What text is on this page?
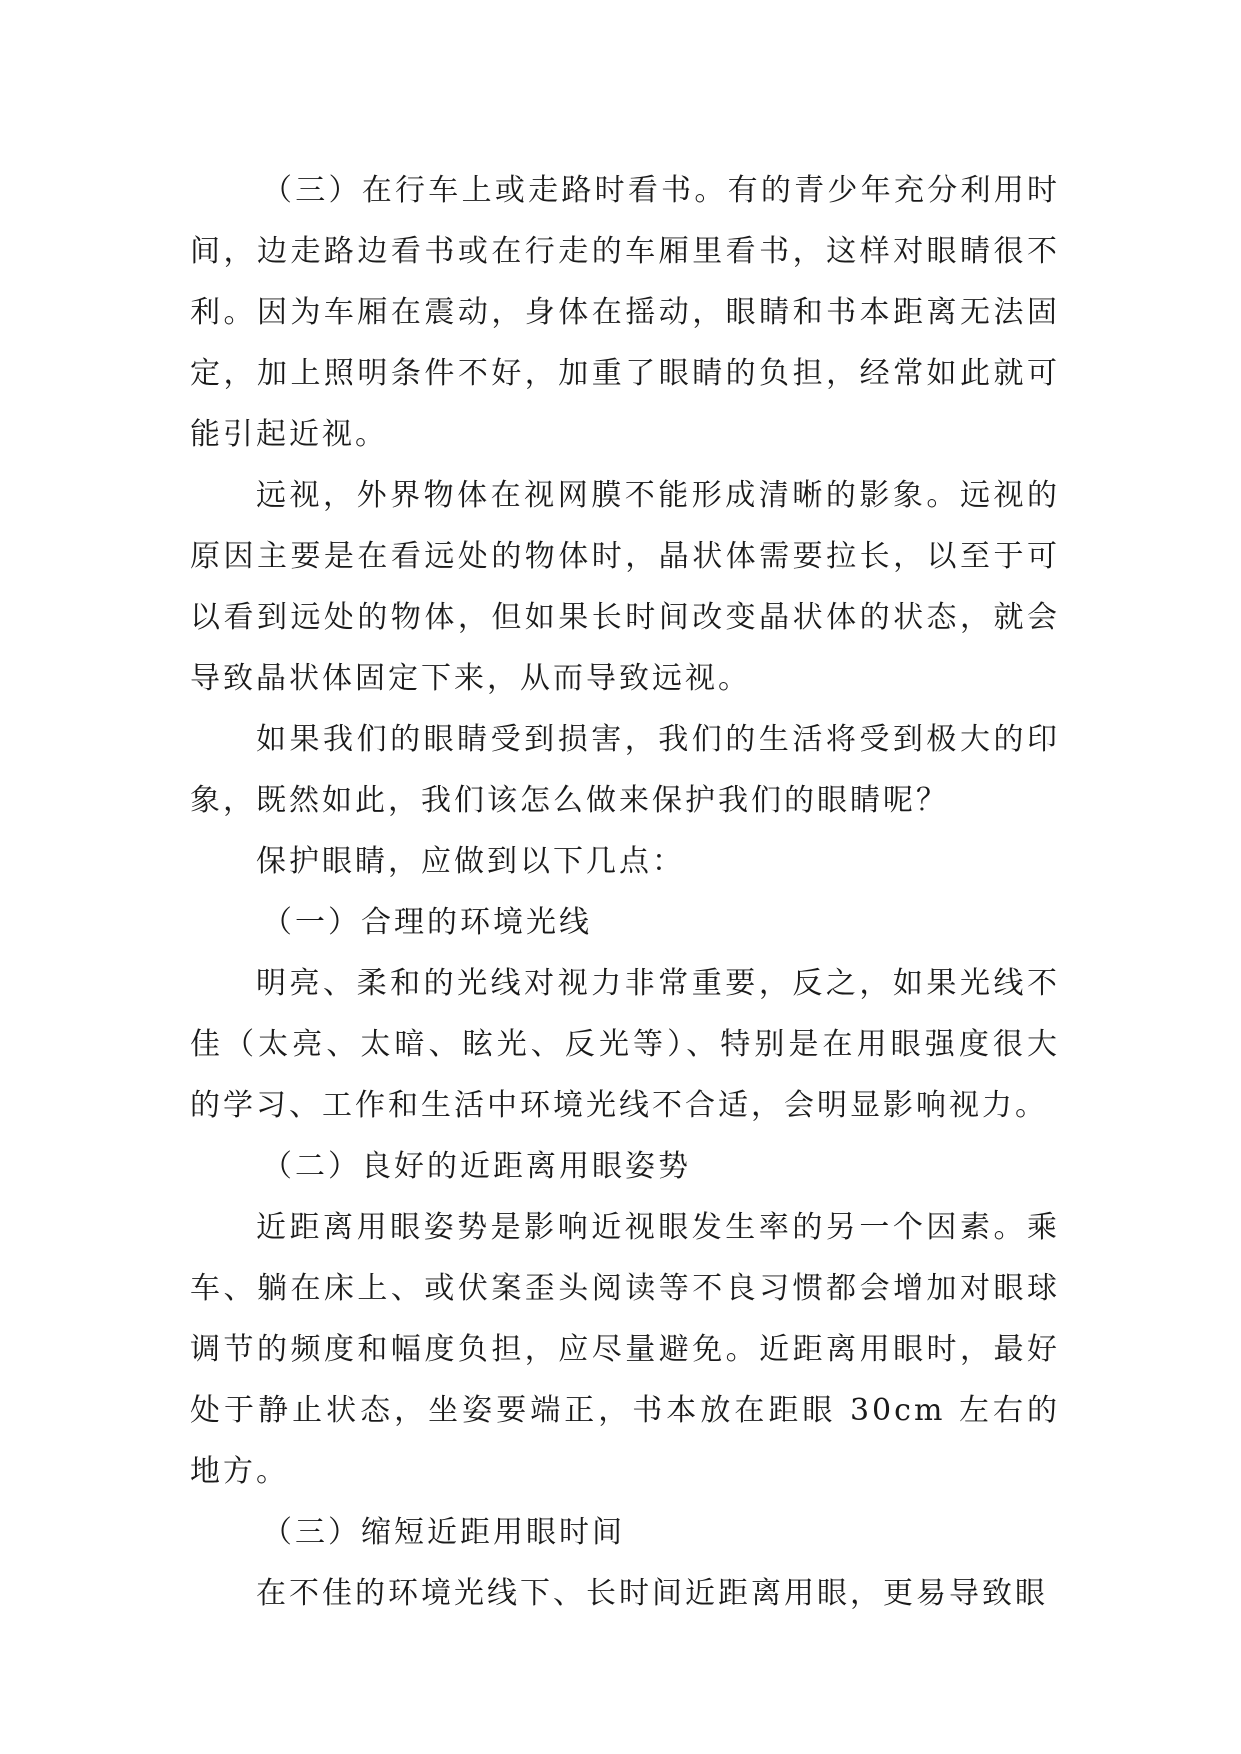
（三）在行车上或走路时看书。有的青少年充分利用时间，边走路边看书或在行走的车厢里看书，这样对眼睛很不利。因为车厢在震动，身体在摇动，眼睛和书本距离无法固定，加上照明条件不好，加重了眼睛的负担，经常如此就可能引起近视。

远视，外界物体在视网膜不能形成清晰的影象。远视的原因主要是在看远处的物体时，晶状体需要拉长，以至于可以看到远处的物体，但如果长时间改变晶状体的状态，就会导致晶状体固定下来，从而导致远视。

如果我们的眼睛受到损害，我们的生活将受到极大的印象，既然如此，我们该怎么做来保护我们的眼睛呢？

保护眼睛，应做到以下几点：

（一）合理的环境光线

明亮、柔和的光线对视力非常重要，反之，如果光线不佳（太亮、太暗、眩光、反光等）、特别是在用眼强度很大的学习、工作和生活中环境光线不合适，会明显影响视力。

（二）良好的近距离用眼姿势

近距离用眼姿势是影响近视眼发生率的另一个因素。乘车、躺在床上、或伏案歪头阅读等不良习惯都会增加对眼球调节的频度和幅度负担，应尽量避免。近距离用眼时，最好处于静止状态，坐姿要端正，书本放在距眼 30cm 左右的地方。

（三）缩短近距用眼时间

在不佳的环境光线下、长时间近距离用眼，更易导致眼
